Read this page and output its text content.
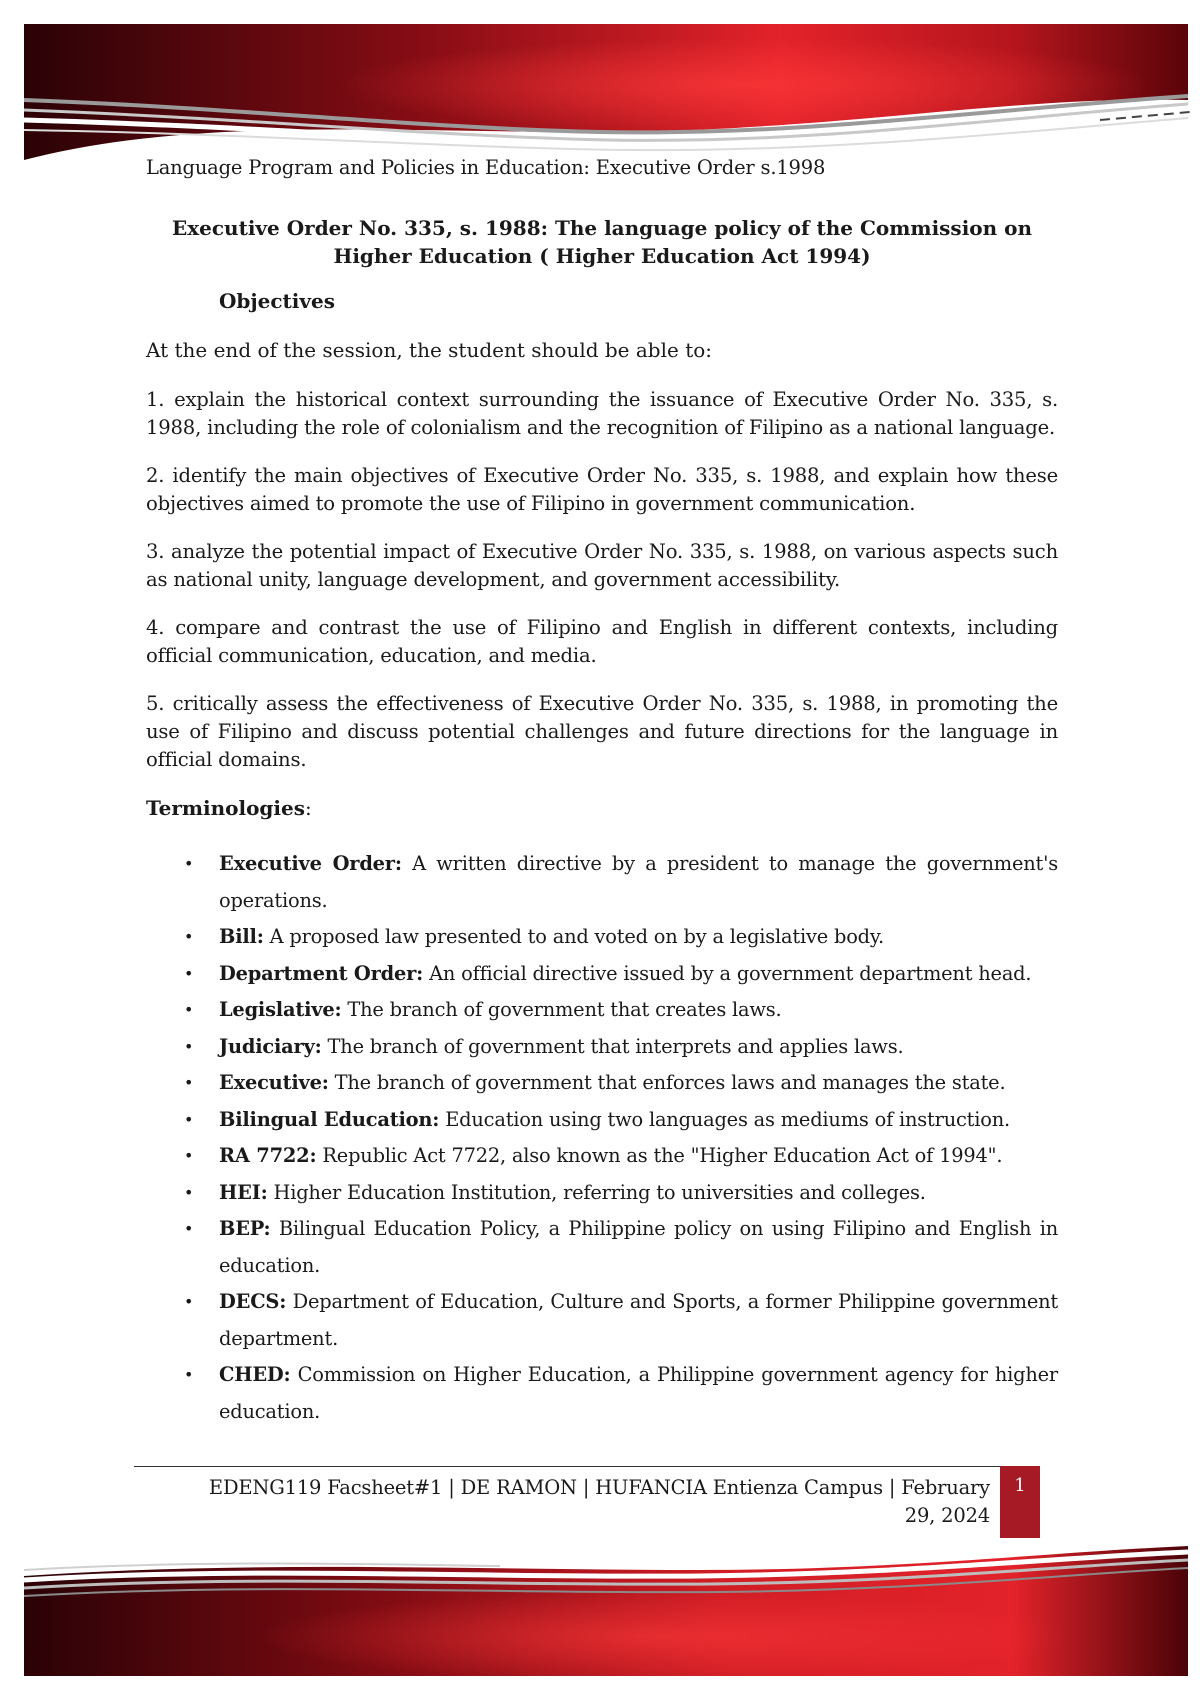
Language Program and Policies in Education: Executive Order s.1998
Executive Order No. 335, s. 1988: The language policy of the Commission on
Higher Education ( Higher Education Act 1994)
Objectives
At the end of the session, the student should be able to:
1. explain the historical context surrounding the issuance of Executive Order No. 335, s. 1988, including the role of colonialism and the recognition of Filipino as a national language.
2. identify the main objectives of Executive Order No. 335, s. 1988, and explain how these objectives aimed to promote the use of Filipino in government communication.
3. analyze the potential impact of Executive Order No. 335, s. 1988, on various aspects such as national unity, language development, and government accessibility.
4. compare and contrast the use of Filipino and English in different contexts, including official communication, education, and media.
5. critically assess the effectiveness of Executive Order No. 335, s. 1988, in promoting the use of Filipino and discuss potential challenges and future directions for the language in official domains.
Terminologies:
• Executive Order: A written directive by a president to manage the government's operations.
• Bill: A proposed law presented to and voted on by a legislative body.
• Department Order: An official directive issued by a government department head.
• Legislative: The branch of government that creates laws.
• Judiciary: The branch of government that interprets and applies laws.
• Executive: The branch of government that enforces laws and manages the state.
• Bilingual Education: Education using two languages as mediums of instruction.
• RA 7722: Republic Act 7722, also known as the "Higher Education Act of 1994".
• HEI: Higher Education Institution, referring to universities and colleges.
• BEP: Bilingual Education Policy, a Philippine policy on using Filipino and English in education.
• DECS: Department of Education, Culture and Sports, a former Philippine government department.
• CHED: Commission on Higher Education, a Philippine government agency for higher education.
EDENG119 Facsheet#1 | DE RAMON | HUFANCIA Entienza Campus | February
29, 2024
1
